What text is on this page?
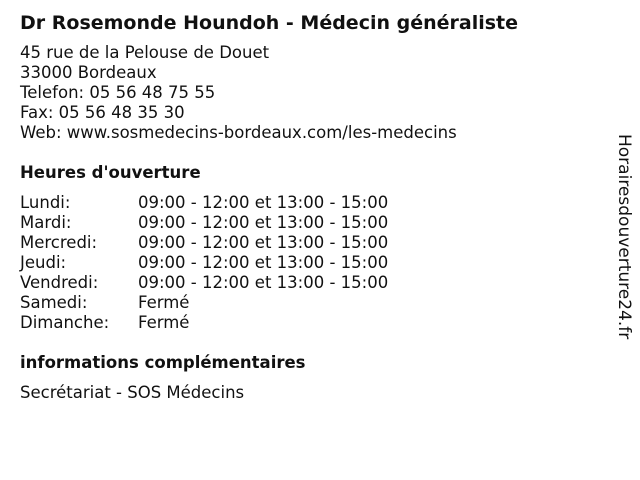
Dr Rosemonde Houndoh - Médecin généraliste
45 rue de la Pelouse de Douet
33000 Bordeaux
Telefon: 05 56 48 75 55
Fax: 05 56 48 35 30
Web: www.sosmedecins-bordeaux.com/les-medecins
Heures d'ouverture
Lundi:	09:00 - 12:00 et 13:00 - 15:00
Mardi:	09:00 - 12:00 et 13:00 - 15:00
Mercredi:	09:00 - 12:00 et 13:00 - 15:00
Jeudi:	09:00 - 12:00 et 13:00 - 15:00
Vendredi:	09:00 - 12:00 et 13:00 - 15:00
Samedi:	Fermé
Dimanche:	Fermé
informations complémentaires
Secrétariat - SOS Médecins
Horairesdouverture24.fr
